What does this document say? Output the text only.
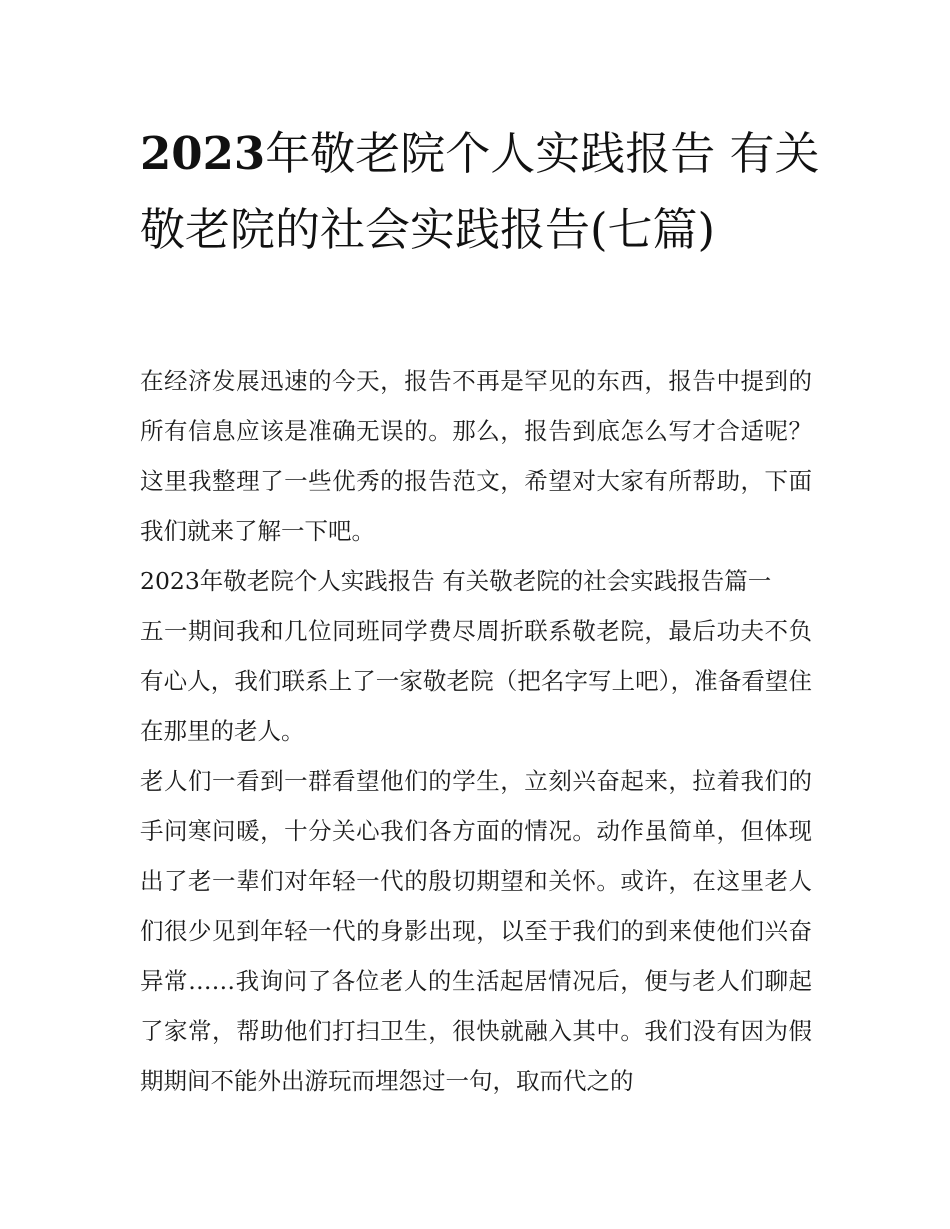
2023年敬老院个人实践报告 有关敬老院的社会实践报告(七篇)

在经济发展迅速的今天，报告不再是罕见的东西，报告中提到的所有信息应该是准确无误的。那么，报告到底怎么写才合适呢？这里我整理了一些优秀的报告范文，希望对大家有所帮助，下面我们就来了解一下吧。

2023年敬老院个人实践报告 有关敬老院的社会实践报告篇一

五一期间我和几位同班同学费尽周折联系敬老院，最后功夫不负有心人，我们联系上了一家敬老院（把名字写上吧），准备看望住在那里的老人。

老人们一看到一群看望他们的学生，立刻兴奋起来，拉着我们的手问寒问暖，十分关心我们各方面的情况。动作虽简单，但体现出了老一辈们对年轻一代的殷切期望和关怀。或许，在这里老人们很少见到年轻一代的身影出现，以至于我们的到来使他们兴奋异常……我询问了各位老人的生活起居情况后，便与老人们聊起了家常，帮助他们打扫卫生，很快就融入其中。我们没有因为假期期间不能外出游玩而埋怨过一句，取而代之的
